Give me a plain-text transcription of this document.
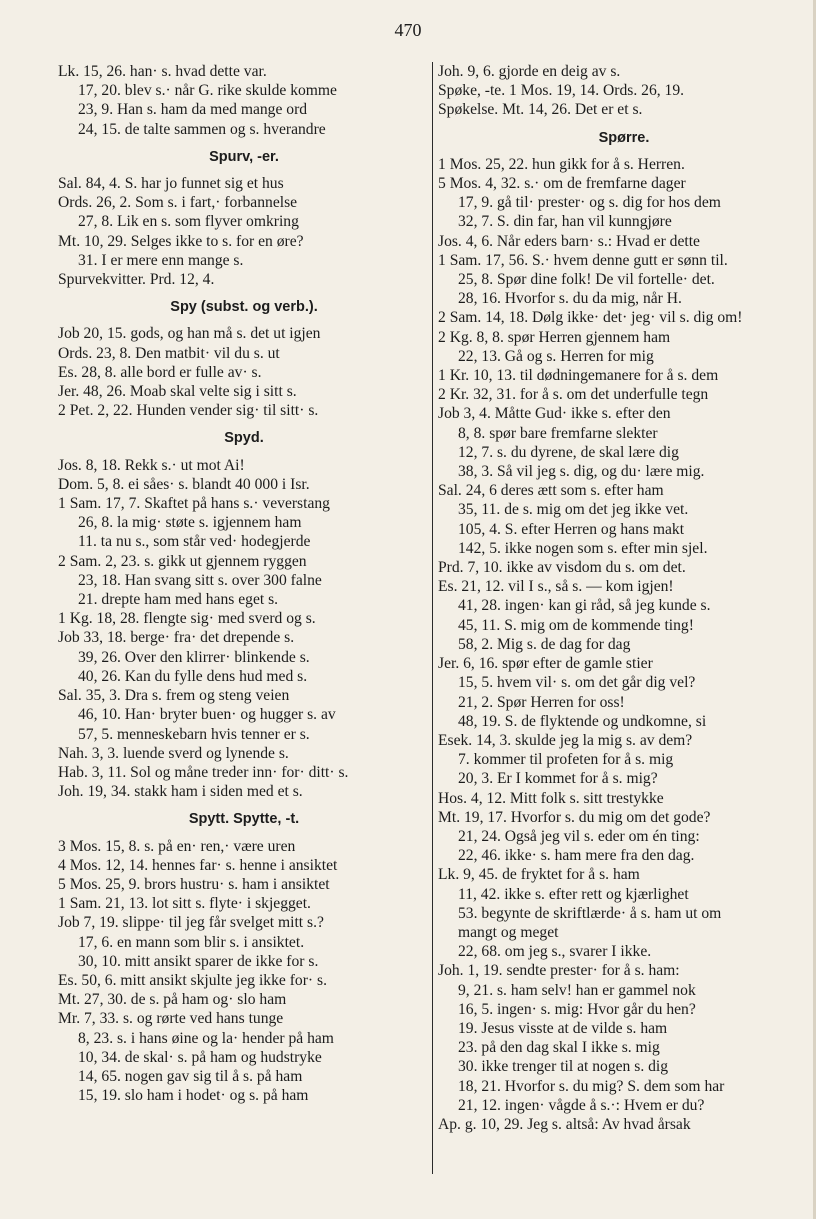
470
Lk. 15, 26. han· s. hvad dette var.
17, 20. blev s.· når G. rike skulde komme
23, 9. Han s. ham da med mange ord
24, 15. de talte sammen og s. hverandre
Spurv, -er.
Sal. 84, 4. S. har jo funnet sig et hus
Ords. 26, 2. Som s. i fart,· forbannelse
27, 8. Lik en s. som flyver omkring
Mt. 10, 29. Selges ikke to s. for en øre?
31. I er mere enn mange s.
Spurvekvitter. Prd. 12, 4.
Spy (subst. og verb.).
Job 20, 15. gods, og han må s. det ut igjen
Ords. 23, 8. Den matbit· vil du s. ut
Es. 28, 8. alle bord er fulle av· s.
Jer. 48, 26. Moab skal velte sig i sitt s.
2 Pet. 2, 22. Hunden vender sig· til sitt· s.
Spyd.
Jos. 8, 18. Rekk s.· ut mot Ai!
Dom. 5, 8. ei såes· s. blandt 40 000 i Isr.
1 Sam. 17, 7. Skaftet på hans s.· veverstang
26, 8. la mig· støte s. igjennem ham
11. ta nu s., som står ved· hodegjerde
2 Sam. 2, 23. s. gikk ut gjennem ryggen
23, 18. Han svang sitt s. over 300 falne
21. drepte ham med hans eget s.
1 Kg. 18, 28. flengte sig· med sverd og s.
Job 33, 18. berge· fra· det drepende s.
39, 26. Over den klirrer· blinkende s.
40, 26. Kan du fylle dens hud med s.
Sal. 35, 3. Dra s. frem og steng veien
46, 10. Han· bryter buen· og hugger s. av
57, 5. menneskebarn hvis tenner er s.
Nah. 3, 3. luende sverd og lynende s.
Hab. 3, 11. Sol og måne treder inn· for· ditt· s.
Joh. 19, 34. stakk ham i siden med et s.
Spytt. Spytte, -t.
3 Mos. 15, 8. s. på en· ren,· være uren
4 Mos. 12, 14. hennes far· s. henne i ansiktet
5 Mos. 25, 9. brors hustru· s. ham i ansiktet
1 Sam. 21, 13. lot sitt s. flyte· i skjegget.
Job 7, 19. slippe· til jeg får svelget mitt s.?
17, 6. en mann som blir s. i ansiktet.
30, 10. mitt ansikt sparer de ikke for s.
Es. 50, 6. mitt ansikt skjulte jeg ikke for· s.
Mt. 27, 30. de s. på ham og· slo ham
Mr. 7, 33. s. og rørte ved hans tunge
8, 23. s. i hans øine og la· hender på ham
10, 34. de skal· s. på ham og hudstryke
14, 65. nogen gav sig til å s. på ham
15, 19. slo ham i hodet· og s. på ham
Joh. 9, 6. gjorde en deig av s.
Spøke, -te. 1 Mos. 19, 14. Ords. 26, 19.
Spøkelse. Mt. 14, 26. Det er et s.
Spørre.
1 Mos. 25, 22. hun gikk for å s. Herren.
5 Mos. 4, 32. s.· om de fremfarne dager
17, 9. gå til· prester· og s. dig for hos dem
32, 7. S. din far, han vil kunngjøre
Jos. 4, 6. Når eders barn· s.: Hvad er dette
1 Sam. 17, 56. S.· hvem denne gutt er sønn til.
25, 8. Spør dine folk! De vil fortelle· det.
28, 16. Hvorfor s. du da mig, når H.
2 Sam. 14, 18. Dølg ikke· det· jeg· vil s. dig om!
2 Kg. 8, 8. spør Herren gjennem ham
22, 13. Gå og s. Herren for mig
1 Kr. 10, 13. til dødningemanere for å s. dem
2 Kr. 32, 31. for å s. om det underfulle tegn
Job 3, 4. Måtte Gud· ikke s. efter den
8, 8. spør bare fremfarne slekter
12, 7. s. du dyrene, de skal lære dig
38, 3. Så vil jeg s. dig, og du· lære mig.
Sal. 24, 6 deres ætt som s. efter ham
35, 11. de s. mig om det jeg ikke vet.
105, 4. S. efter Herren og hans makt
142, 5. ikke nogen som s. efter min sjel.
Prd. 7, 10. ikke av visdom du s. om det.
Es. 21, 12. vil I s., så s. — kom igjen!
41, 28. ingen· kan gi råd, så jeg kunde s.
45, 11. S. mig om de kommende ting!
58, 2. Mig s. de dag for dag
Jer. 6, 16. spør efter de gamle stier
15, 5. hvem vil· s. om det går dig vel?
21, 2. Spør Herren for oss!
48, 19. S. de flyktende og undkomne, si
Esek. 14, 3. skulde jeg la mig s. av dem?
7. kommer til profeten for å s. mig
20, 3. Er I kommet for å s. mig?
Hos. 4, 12. Mitt folk s. sitt trestykke
Mt. 19, 17. Hvorfor s. du mig om det gode?
21, 24. Også jeg vil s. eder om én ting:
22, 46. ikke· s. ham mere fra den dag.
Lk. 9, 45. de fryktet for å s. ham
11, 42. ikke s. efter rett og kjærlighet
53. begynte de skriftlærde· å s. ham ut om
mangt og meget
22, 68. om jeg s., svarer I ikke.
Joh. 1, 19. sendte prester· for å s. ham:
9, 21. s. ham selv! han er gammel nok
16, 5. ingen· s. mig: Hvor går du hen?
19. Jesus visste at de vilde s. ham
23. på den dag skal I ikke s. mig
30. ikke trenger til at nogen s. dig
18, 21. Hvorfor s. du mig? S. dem som har
21, 12. ingen· vågde å s.·: Hvem er du?
Ap. g. 10, 29. Jeg s. altså: Av hvad årsak
